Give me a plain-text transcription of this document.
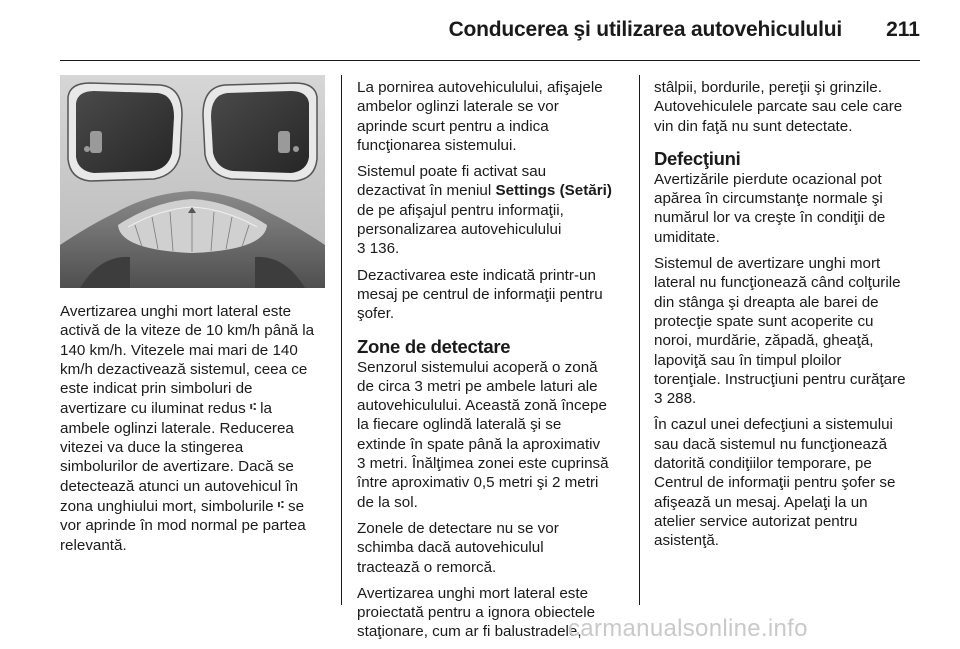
Conducerea şi utilizarea autovehiculului 211

Avertizarea unghi mort lateral este
activă de la viteze de 10 km/h până la
140 km/h. Vitezele mai mari de 140
km/h dezactivează sistemul, ceea ce
este indicat prin simboluri de
avertizare cu iluminat redus ⑆ la
ambele oglinzi laterale. Reducerea
vitezei va duce la stingerea
simbolurilor de avertizare. Dacă se
detectează atunci un autovehicul în
zona unghiului mort, simbolurile ⑆ se
vor aprinde în mod normal pe partea
relevantă.

La pornirea autovehiculului, afişajele
ambelor oglinzi laterale se vor
aprinde scurt pentru a indica
funcţionarea sistemului.

Sistemul poate fi activat sau
dezactivat în meniul Settings (Setări)
de pe afişajul pentru informaţii,
personalizarea autovehiculului
3 136.

Dezactivarea este indicată printr-un
mesaj pe centrul de informaţii pentru
şofer.

Zone de detectare

Senzorul sistemului acoperă o zonă
de circa 3 metri pe ambele laturi ale
autovehiculului. Această zonă începe
la fiecare oglindă laterală şi se
extinde în spate până la aproximativ
3 metri. Înălţimea zonei este cuprinsă
între aproximativ 0,5 metri şi 2 metri
de la sol.

Zonele de detectare nu se vor
schimba dacă autovehiculul
tractează o remorcă.

Avertizarea unghi mort lateral este
proiectată pentru a ignora obiectele
staţionare, cum ar fi balustradele,

stâlpii, bordurile, pereţii şi grinzile.
Autovehiculele parcate sau cele care
vin din faţă nu sunt detectate.

Defecţiuni

Avertizările pierdute ocazional pot
apărea în circumstanţe normale şi
numărul lor va creşte în condiţii de
umiditate.

Sistemul de avertizare unghi mort
lateral nu funcţionează când colţurile
din stânga şi dreapta ale barei de
protecţie spate sunt acoperite cu
noroi, murdărie, zăpadă, gheaţă,
lapoviţă sau în timpul ploilor
torenţiale. Instrucţiuni pentru curăţare
3 288.

În cazul unei defecţiuni a sistemului
sau dacă sistemul nu funcţionează
datorită condiţiilor temporare, pe
Centrul de informaţii pentru şofer se
afişează un mesaj. Apelaţi la un
atelier service autorizat pentru
asistenţă.

carmanualsonline.info
